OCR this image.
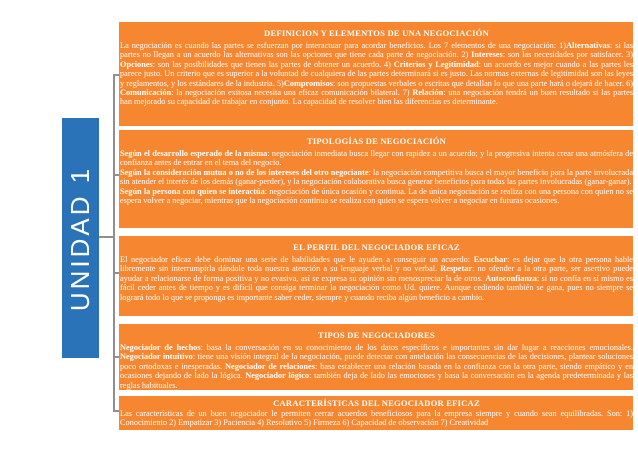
UNIDAD 1
DEFINICION Y ELEMENTOS DE UNA NEGOCIACIÓN

La negociación es cuando las partes se esfuerzan por interactuar para acordar beneficios. Los 7 elementos de una negociación: 1)Alternativas: si las partes no llegan a un acuerdo las alternativas son las opciones que tiene cada parte de negociación. 2) Intereses: son las necesidades por satisfacer. 3) Opciones: son las posibilidades que tienen las partes de obtener un acuerdo. 4) Criterios y Legitimidad: un acuerdo es mejor cuando a las partes les parece justo. Un criterio que es superior a la voluntad de cualquiera de las partes determinará si es justo. Las normas externas de legitimidad son las leyes y reglamentos, y los estándares de la industria. 5)Compromisos: son propuestas verbales o escritas que detallan lo que una parte hará o dejará de hacer. 6) Comunicación: la negociación exitosa necesita una eficaz comunicación bilateral. 7) Relación: una negociación tendrá un buen resultado si las partes han mejorado su capacidad de trabajar en conjunto. La capacidad de resolver bien las diferencias es determinante.

TIPOLOGÍAS DE NEGOCIACIÓN

Según el desarrollo esperado de la misma: negociación inmediata busca llegar con rapidez a un acuerdo; y la progresiva intenta crear una atmósfera de confianza antes de entrar en el tema del negocio.
Según la consideración mutua o no de los intereses del otro negociante: la negociación competitiva busca el mayor beneficio para la parte involucrada sin atender el interés de los demás (ganar-perder), y la negociación colaborativa busca generar beneficios para todas las partes involucradas (ganar-ganar).
Según la persona con quien se interactúa: negociación de única ocasión y continua. La de única negociación se realiza con una persona con quien no se espera volver a negociar, mientras que la negociación continua se realiza con quien se espera volver a negociar en futuras ocasiones.

EL PERFIL DEL NEGOCIADOR EFICAZ

El negociador eficaz debe dominar una serie de habilidades que le ayuden a conseguir un acuerdo: Escuchar: es dejar que la otra persona hable libremente sin interrumpirla dándole toda nuestra atención a su lenguaje verbal y no verbal. Respetar: no ofender a la otra parte, ser asertivo puede ayudar a relacionarse de forma positiva y no evasiva, así se expresa su opinión sin menospreciar la de otros. Autoconfianza: si no confía en sí mismo es fácil ceder antes de tiempo y es difícil que consiga terminar la negociación como Ud. quiere. Aunque cediendo también se gana, pues no siempre se logrará todo lo que se proponga es importante saber ceder, siempre y cuando reciba algún beneficio a cambio.

TIPOS DE NEGOCIADORES

Negociador de hechos: basa la conversación en su conocimiento de los datos específicos e importantes sin dar lugar a reacciones emocionales. Negociador intuitivo: tiene una visión integral de la negociación, puede detectar con antelación las consecuencias de las decisiones, plantear soluciones poco ortodoxas e inesperadas. Negociador de relaciones: basa establecer una relación basada en la confianza con la otra parte, siendo empático y en ocasiones dejando de lado la lógica. Negociador lógico: también deja de lado las emociones y basa la conversación en la agenda predeterminada y las reglas habituales.

CARACTERÍSTICAS DEL NEGOCIADOR EFICAZ

Las características de un buen negociador le permiten cerrar acuerdos beneficiosos para la empresa siempre y cuando sean equilibradas. Son: 1) Conocimiento 2) Empatizar 3) Paciencia 4) Resolutivo 5) Firmeza 6) Capacidad de observación 7) Creatividad
